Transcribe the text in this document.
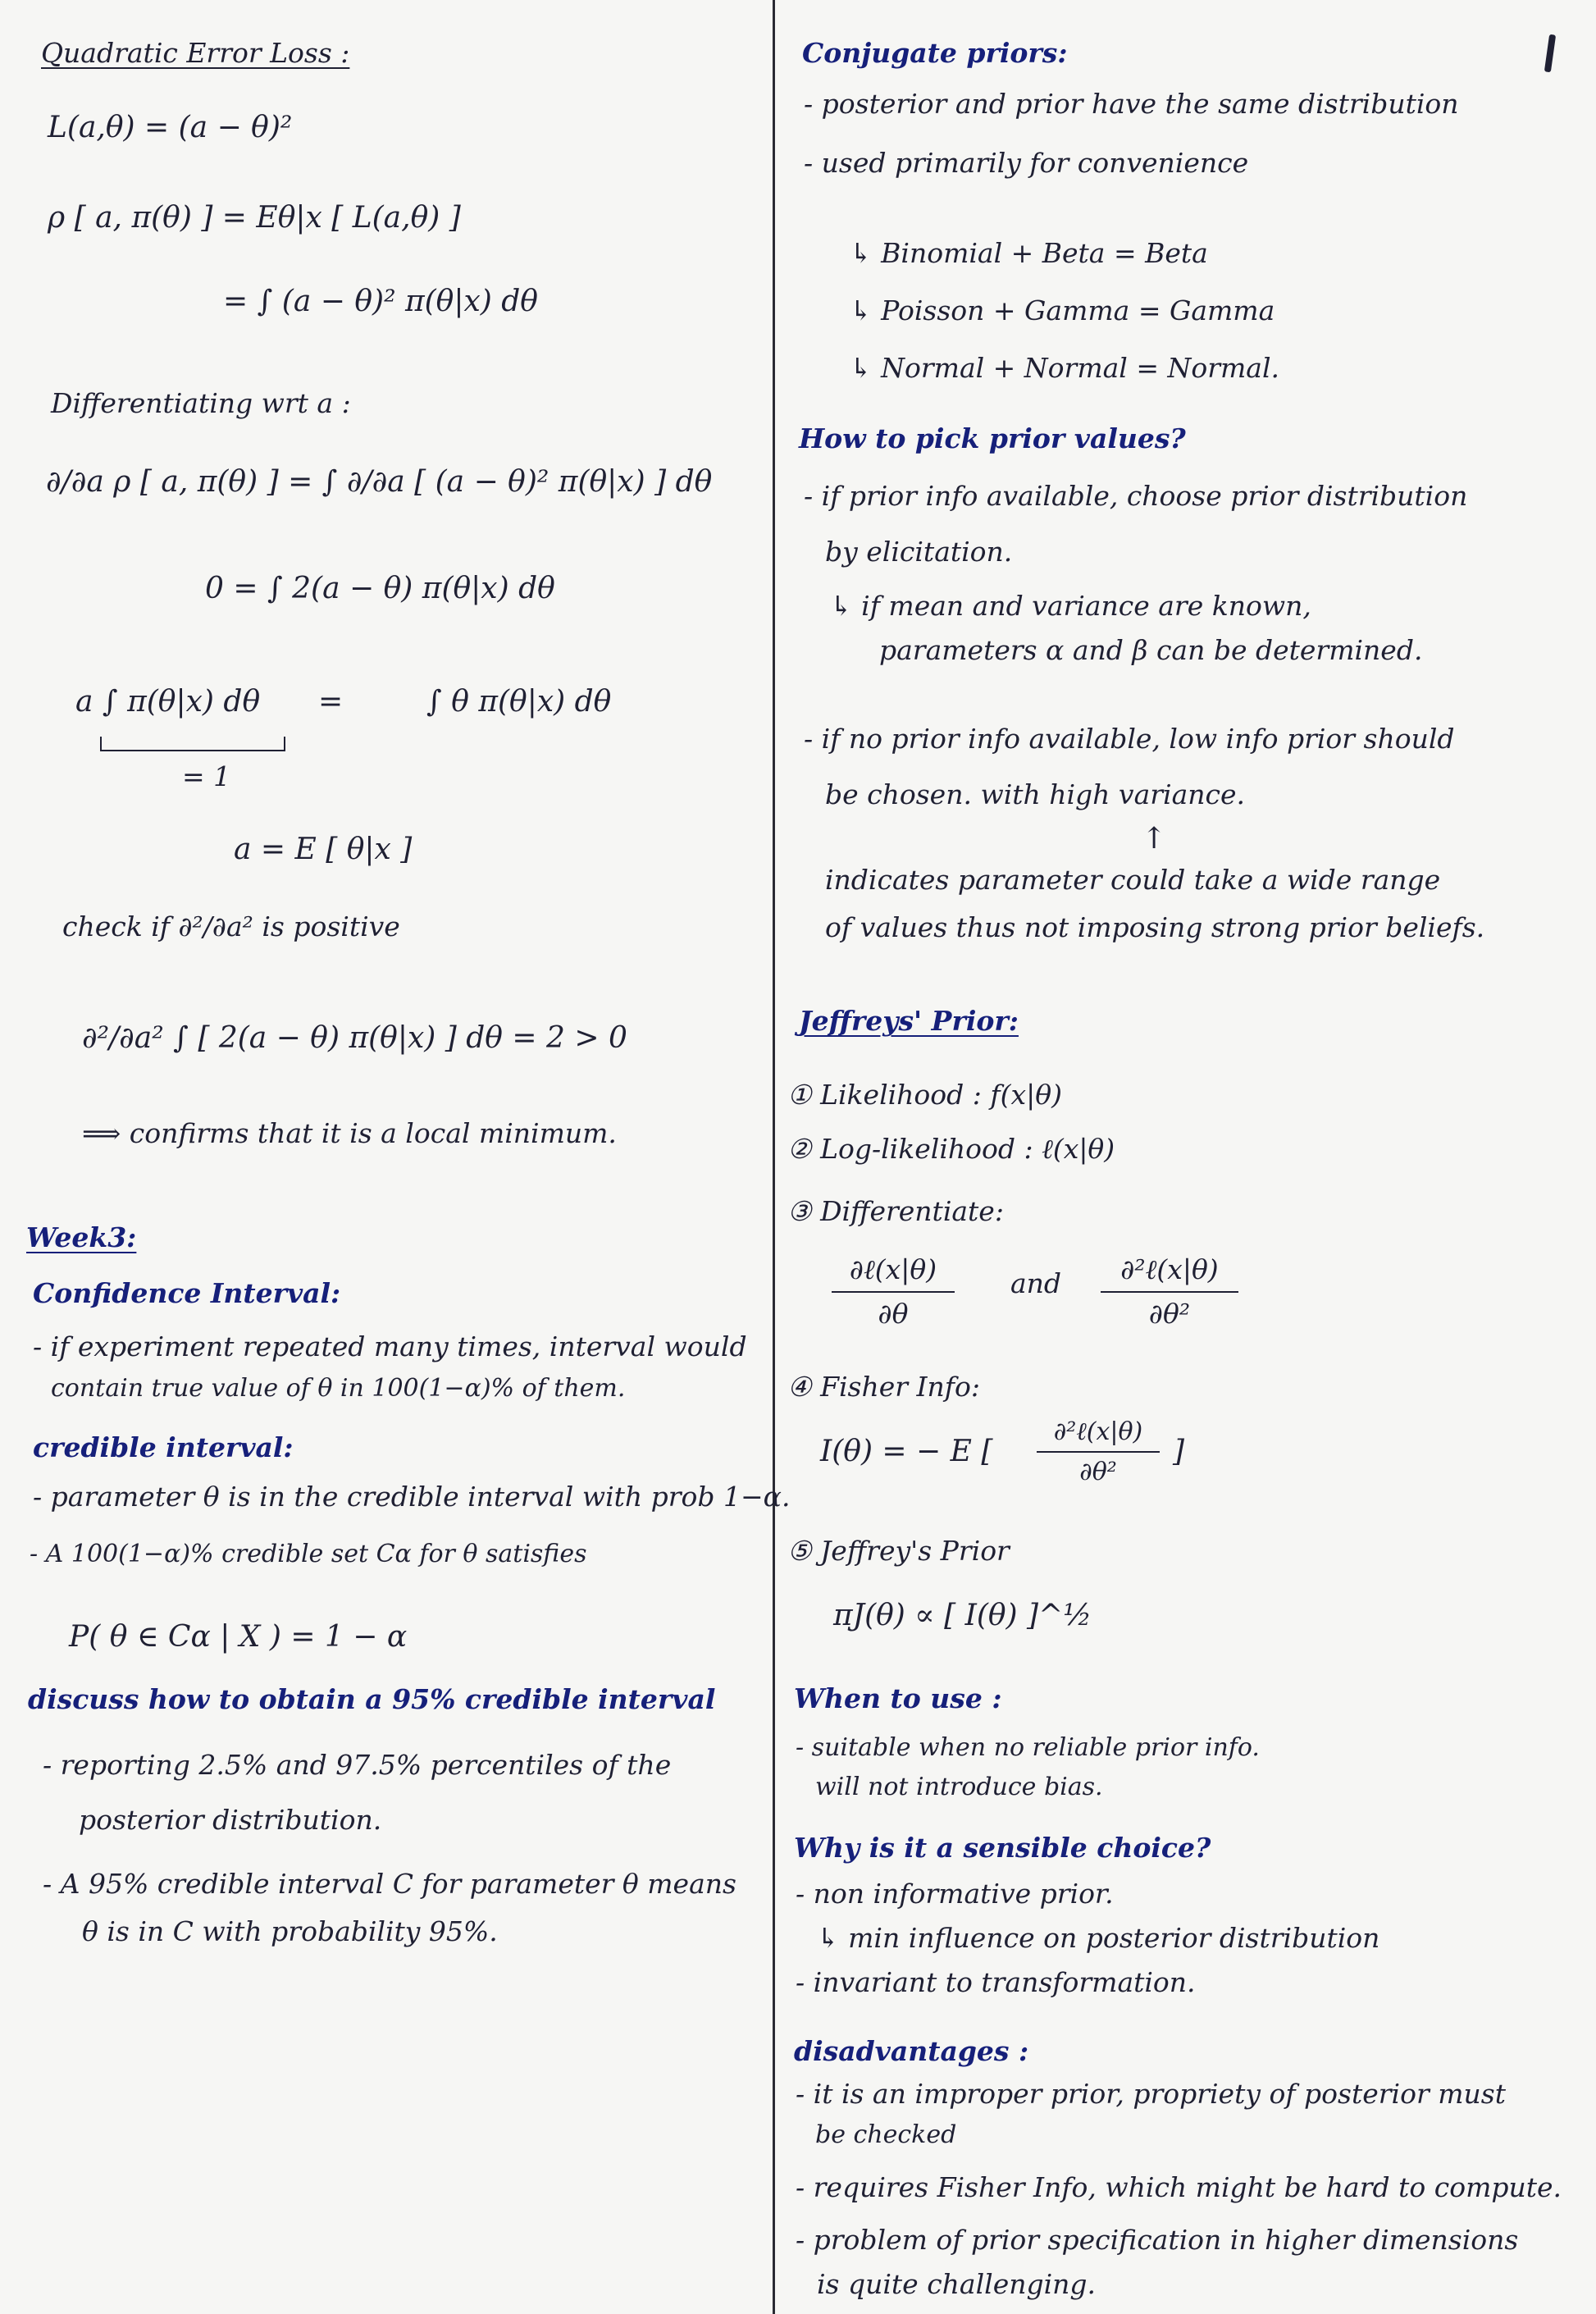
Quadratic Error Loss :
L(a,θ) = (a − θ)²
ρ [ a, π(θ) ] = Eθ|x [ L(a,θ) ]
= ∫ (a − θ)² π(θ|x) dθ
Differentiating wrt a :
∂/∂a ρ [ a, π(θ) ] = ∫ ∂/∂a [ (a − θ)² π(θ|x) ] dθ
0 = ∫ 2(a − θ) π(θ|x) dθ
a ∫ π(θ|x) dθ =	∫ θ π(θ|x) dθ
= 1
a = E [ θ|x ]
check if ∂²/∂a² is positive
∂²/∂a² ∫ [ 2(a − θ) π(θ|x) ] dθ = 2 > 0
⟹ confirms that it is a local minimum.
Week3:
Confidence Interval:
- if experiment repeated many times, interval would
contain true value of θ in 100(1−α)% of them.
credible interval:
- parameter θ is in the credible interval with prob 1−α.
- A 100(1−α)% credible set Cα for θ satisfies
P( θ ∈ Cα | X ) = 1 − α
discuss how to obtain a 95% credible interval
- reporting 2.5% and 97.5% percentiles of the
posterior distribution.
- A 95% credible interval C for parameter θ means
θ is in C with probability 95%.
Conjugate priors:
- posterior and prior have the same distribution
- used primarily for convenience
↳ Binomial + Beta = Beta
↳ Poisson + Gamma = Gamma
↳ Normal + Normal = Normal.
How to pick prior values?
- if prior info available, choose prior distribution
by elicitation.
↳ if mean and variance are known,
parameters α and β can be determined.
- if no prior info available, low info prior should
be chosen. with high variance.
↑
indicates parameter could take a wide range
of values thus not imposing strong prior beliefs.
Jeffreys' Prior:
① Likelihood : f(x|θ)
② Log-likelihood : ℓ(x|θ)
③ Differentiate:
∂ℓ(x|θ)
∂θ
and	∂²ℓ(x|θ)
∂θ²
④ Fisher Info:
I(θ) = − E [
∂²ℓ(x|θ)
∂θ²
]
⑤ Jeffrey's Prior
πJ(θ) ∝ [ I(θ) ]^½
When to use :
- suitable when no reliable prior info.
will not introduce bias.
Why is it a sensible choice?
- non informative prior.
↳ min influence on posterior distribution
- invariant to transformation.
disadvantages :
- it is an improper prior, propriety of posterior must
be checked
- requires Fisher Info, which might be hard to compute.
- problem of prior specification in higher dimensions
is quite challenging.
